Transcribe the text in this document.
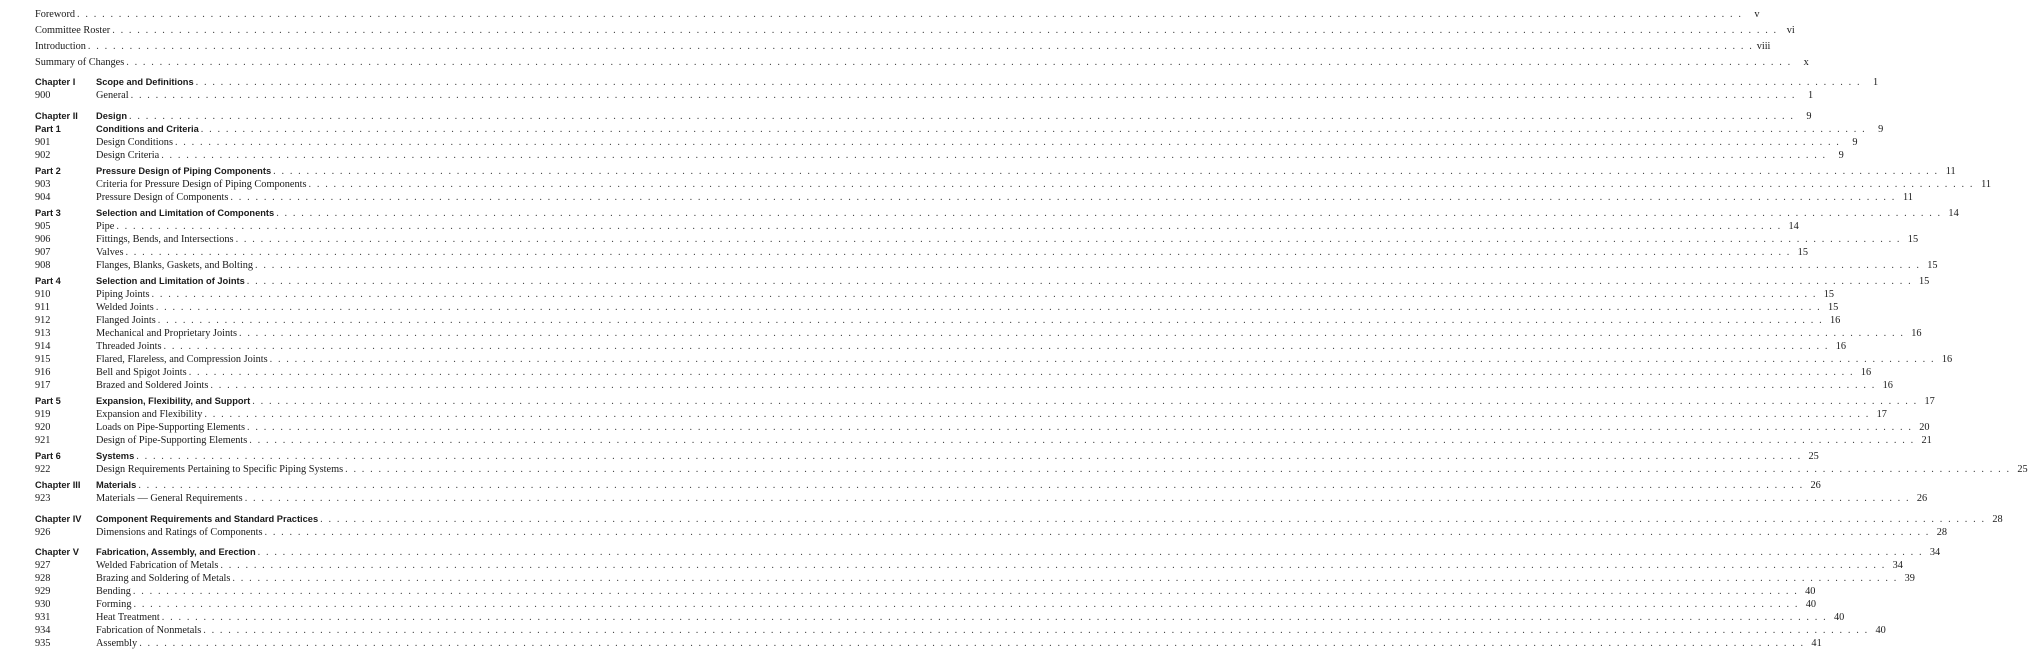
Foreword . . . . . . . . . . . . . . . . . . . . . . . . . . . . . . . . . . . . . . . . . . . . . . . . . . . . . . . . . . . . . . . . . . . . . . . . . . . . . . . . . . . . . . . . . . . . . . . . . . . . . . . . . . . . . . . . . . . . . . . . . . . . . . . . . . . . . . . . . . . . . . . . . . . . . . . . . . . . . . . . . . . . . . . . . . . . . . . . . . . . . . . . . . . . . . . . . . . . . . . .	v
Committee Roster . . . . . . . . . . . . . . . . . . . . . . . . . . . . . . . . . . . . . . . . . . . . . . . . . . . . . . . . . . . . . . . . . . . . . . . . . . . . . . . . . . . . . . . . . . . . . . . . . . . . . . . . . . . . . . . . . . . . . . . . . . . . . . . . . . . . . . . . . . . . . . . . . . . . . . . . . . . . . . . . . . . . . . . . . . . . . . . . . . . . . . . . . . . . . . . . . . . . . . . . vi
Introduction . . . . . . . . . . . . . . . . . . . . . . . . . . . . . . . . . . . . . . . . . . . . . . . . . . . . . . . . . . . . . . . . . . . . . . . . . . . . . . . . . . . . . . . . . . . . . . . . . . . . . . . . . . . . . . . . . . . . . . . . . . . . . . . . . . . . . . . . . . . . . . . . . . . . . . . . . . . . . . . . . . . . . . . . . . . . . . . . . . . . . . . . . . . . . . . . . . . . . . . . viii
Summary of Changes . . . . . . . . . . . . . . . . . . . . . . . . . . . . . . . . . . . . . . . . . . . . . . . . . . . . . . . . . . . . . . . . . . . . . . . . . . . . . . . . . . . . . . . . . . . . . . . . . . . . . . . . . . . . . . . . . . . . . . . . . . . . . . . . . . . . . . . . . . . . . . . . . . . . . . . . . . . . . . . . . . . . . . . . . . . . . . . . . . . . . . . . . . . . . . . . . . . . . . . .	x
Chapter I Scope and Definitions . . . . . . . . . . . . . . . . . . . . . . . . . . . . . . . . . . . . . . . . . . . . . . . . . . . . . . . . . . . . . . . . . . . . . . . . . . . . . . . . . . . . . . . . . . . . . . . . . . . . . . . . . . . . . . . . . . . . . . . . . . . . . . . . . . . . . . . . . . . . . . . . . . . . . . . . . . . . . . . . . . . . . . . . . . . . . . . . . . . . . . . . . . . . . . . . . . . . . . . .	1
900	General . . . . . . . . . . . . . . . . . . . . . . . . . . . . . . . . . . . . . . . . . . . . . . . . . . . . . . . . . . . . . . . . . . . . . . . . . . . . . . . . . . . . . . . . . . . . . . . . . . . . . . . . . . . . . . . . . . . . . . . . . . . . . . . . . . . . . . . . . . . . . . . . . . . . . . . . . . . . . . . . . . . . . . . . . . . . . . . . . . . . . . . . . . . . . . . . . . . . . . . .	1
Chapter II Design . . . . . . . . . . . . . . . . . . . . . . . . . . . . . . . . . . . . . . . . . . . . . . . . . . . . . . . . . . . . . . . . . . . . . . . . . . . . . . . . . . . . . . . . . . . . . . . . . . . . . . . . . . . . . . . . . . . . . . . . . . . . . . . . . . . . . . . . . . . . . . . . . . . . . . . . . . . . . . . . . . . . . . . . . . . . . . . . . . . . . . . . . . . . . . . . . . . . . . . .	9
Part 1	Conditions and Criteria . . . . . . . . . . . . . . . . . . . . . . . . . . . . . . . . . . . . . . . . . . . . . . . . . . . . . . . . . . . . . . . . . . . . . . . . . . . . . . . . . . . . . . . . . . . . . . . . . . . . . . . . . . . . . . . . . . . . . . . . . . . . . . . . . . . . . . . . . . . . . . . . . . . . . . . . . . . . . . . . . . . . . . . . . . . . . . . . . . . . . . . . . . . . . . . . . . . . . . . .	9
901	Design Conditions . . . . . . . . . . . . . . . . . . . . . . . . . . . . . . . . . . . . . . . . . . . . . . . . . . . . . . . . . . . . . . . . . . . . . . . . . . . . . . . . . . . . . . . . . . . . . . . . . . . . . . . . . . . . . . . . . . . . . . . . . . . . . . . . . . . . . . . . . . . . . . . . . . . . . . . . . . . . . . . . . . . . . . . . . . . . . . . . . . . . . . . . . . . . . . . . . . . . . . . .	9
902	Design Criteria . . . . . . . . . . . . . . . . . . . . . . . . . . . . . . . . . . . . . . . . . . . . . . . . . . . . . . . . . . . . . . . . . . . . . . . . . . . . . . . . . . . . . . . . . . . . . . . . . . . . . . . . . . . . . . . . . . . . . . . . . . . . . . . . . . . . . . . . . . . . . . . . . . . . . . . . . . . . . . . . . . . . . . . . . . . . . . . . . . . . . . . . . . . . . . . . . . . . . . . .	9
Part 2	Pressure Design of Piping Components . . . . . . . . . . . . . . . . . . . . . . . . . . . . . . . . . . . . . . . . . . . . . . . . . . . . . . . . . . . . . . . . . . . . . . . . . . . . . . . . . . . . . . . . . . . . . . . . . . . . . . . . . . . . . . . . . . . . . . . . . . . . . . . . . . . . . . . . . . . . . . . . . . . . . . . . . . . . . . . . . . . . . . . . . . . . . . . . . . . . . . . . . . . . . . . . . . . . . . . . 11
903	Criteria for Pressure Design of Piping Components . . . . . . . . . . . . . . . . . . . . . . . . . . . . . . . . . . . . . . . . . . . . . . . . . . . . . . . . . . . . . . . . . . . . . . . . . . . . . . . . . . . . . . . . . . . . . . . . . . . . . . . . . . . . . . . . . . . . . . . . . . . . . . . . . . . . . . . . . . . . . . . . . . . . . . . . . . . . . . . . . . . . . . . . . . . . . . . . . . . . . . . . . . . . . . . . . . . . . . . . 11
904	Pressure Design of Components . . . . . . . . . . . . . . . . . . . . . . . . . . . . . . . . . . . . . . . . . . . . . . . . . . . . . . . . . . . . . . . . . . . . . . . . . . . . . . . . . . . . . . . . . . . . . . . . . . . . . . . . . . . . . . . . . . . . . . . . . . . . . . . . . . . . . . . . . . . . . . . . . . . . . . . . . . . . . . . . . . . . . . . . . . . . . . . . . . . . . . . . . . . . . . . . . . . . . . . . 11
Part 3	Selection and Limitation of Components . . . . . . . . . . . . . . . . . . . . . . . . . . . . . . . . . . . . . . . . . . . . . . . . . . . . . . . . . . . . . . . . . . . . . . . . . . . . . . . . . . . . . . . . . . . . . . . . . . . . . . . . . . . . . . . . . . . . . . . . . . . . . . . . . . . . . . . . . . . . . . . . . . . . . . . . . . . . . . . . . . . . . . . . . . . . . . . . . . . . . . . . . . . . . . . . . . . . . . . . 14
905	Pipe . . . . . . . . . . . . . . . . . . . . . . . . . . . . . . . . . . . . . . . . . . . . . . . . . . . . . . . . . . . . . . . . . . . . . . . . . . . . . . . . . . . . . . . . . . . . . . . . . . . . . . . . . . . . . . . . . . . . . . . . . . . . . . . . . . . . . . . . . . . . . . . . . . . . . . . . . . . . . . . . . . . . . . . . . . . . . . . . . . . . . . . . . . . . . . . . . . . . . . . . 14
906	Fittings, Bends, and Intersections . . . . . . . . . . . . . . . . . . . . . . . . . . . . . . . . . . . . . . . . . . . . . . . . . . . . . . . . . . . . . . . . . . . . . . . . . . . . . . . . . . . . . . . . . . . . . . . . . . . . . . . . . . . . . . . . . . . . . . . . . . . . . . . . . . . . . . . . . . . . . . . . . . . . . . . . . . . . . . . . . . . . . . . . . . . . . . . . . . . . . . . . . . . . . . . . . . . . . . . . 15
907	Valves . . . . . . . . . . . . . . . . . . . . . . . . . . . . . . . . . . . . . . . . . . . . . . . . . . . . . . . . . . . . . . . . . . . . . . . . . . . . . . . . . . . . . . . . . . . . . . . . . . . . . . . . . . . . . . . . . . . . . . . . . . . . . . . . . . . . . . . . . . . . . . . . . . . . . . . . . . . . . . . . . . . . . . . . . . . . . . . . . . . . . . . . . . . . . . . . . . . . . . . . 15
908	Flanges, Blanks, Gaskets, and Bolting . . . . . . . . . . . . . . . . . . . . . . . . . . . . . . . . . . . . . . . . . . . . . . . . . . . . . . . . . . . . . . . . . . . . . . . . . . . . . . . . . . . . . . . . . . . . . . . . . . . . . . . . . . . . . . . . . . . . . . . . . . . . . . . . . . . . . . . . . . . . . . . . . . . . . . . . . . . . . . . . . . . . . . . . . . . . . . . . . . . . . . . . . . . . . . . . . . . . . . . . 15
Part 4	Selection and Limitation of Joints . . . . . . . . . . . . . . . . . . . . . . . . . . . . . . . . . . . . . . . . . . . . . . . . . . . . . . . . . . . . . . . . . . . . . . . . . . . . . . . . . . . . . . . . . . . . . . . . . . . . . . . . . . . . . . . . . . . . . . . . . . . . . . . . . . . . . . . . . . . . . . . . . . . . . . . . . . . . . . . . . . . . . . . . . . . . . . . . . . . . . . . . . . . . . . . . . . . . . . . . 15
910	Piping Joints . . . . . . . . . . . . . . . . . . . . . . . . . . . . . . . . . . . . . . . . . . . . . . . . . . . . . . . . . . . . . . . . . . . . . . . . . . . . . . . . . . . . . . . . . . . . . . . . . . . . . . . . . . . . . . . . . . . . . . . . . . . . . . . . . . . . . . . . . . . . . . . . . . . . . . . . . . . . . . . . . . . . . . . . . . . . . . . . . . . . . . . . . . . . . . . . . . . . . . . . 15
911	Welded Joints . . . . . . . . . . . . . . . . . . . . . . . . . . . . . . . . . . . . . . . . . . . . . . . . . . . . . . . . . . . . . . . . . . . . . . . . . . . . . . . . . . . . . . . . . . . . . . . . . . . . . . . . . . . . . . . . . . . . . . . . . . . . . . . . . . . . . . . . . . . . . . . . . . . . . . . . . . . . . . . . . . . . . . . . . . . . . . . . . . . . . . . . . . . . . . . . . . . . . . . . 15
912	Flanged Joints . . . . . . . . . . . . . . . . . . . . . . . . . . . . . . . . . . . . . . . . . . . . . . . . . . . . . . . . . . . . . . . . . . . . . . . . . . . . . . . . . . . . . . . . . . . . . . . . . . . . . . . . . . . . . . . . . . . . . . . . . . . . . . . . . . . . . . . . . . . . . . . . . . . . . . . . . . . . . . . . . . . . . . . . . . . . . . . . . . . . . . . . . . . . . . . . . . . . . . . . 16
913	Mechanical and Proprietary Joints . . . . . . . . . . . . . . . . . . . . . . . . . . . . . . . . . . . . . . . . . . . . . . . . . . . . . . . . . . . . . . . . . . . . . . . . . . . . . . . . . . . . . . . . . . . . . . . . . . . . . . . . . . . . . . . . . . . . . . . . . . . . . . . . . . . . . . . . . . . . . . . . . . . . . . . . . . . . . . . . . . . . . . . . . . . . . . . . . . . . . . . . . . . . . . . . . . . . . . . . 16
914	Threaded Joints . . . . . . . . . . . . . . . . . . . . . . . . . . . . . . . . . . . . . . . . . . . . . . . . . . . . . . . . . . . . . . . . . . . . . . . . . . . . . . . . . . . . . . . . . . . . . . . . . . . . . . . . . . . . . . . . . . . . . . . . . . . . . . . . . . . . . . . . . . . . . . . . . . . . . . . . . . . . . . . . . . . . . . . . . . . . . . . . . . . . . . . . . . . . . . . . . . . . . . . . 16
915	Flared, Flareless, and Compression Joints . . . . . . . . . . . . . . . . . . . . . . . . . . . . . . . . . . . . . . . . . . . . . . . . . . . . . . . . . . . . . . . . . . . . . . . . . . . . . . . . . . . . . . . . . . . . . . . . . . . . . . . . . . . . . . . . . . . . . . . . . . . . . . . . . . . . . . . . . . . . . . . . . . . . . . . . . . . . . . . . . . . . . . . . . . . . . . . . . . . . . . . . . . . . . . . . . . . . . . . . 16
916	Bell and Spigot Joints . . . . . . . . . . . . . . . . . . . . . . . . . . . . . . . . . . . . . . . . . . . . . . . . . . . . . . . . . . . . . . . . . . . . . . . . . . . . . . . . . . . . . . . . . . . . . . . . . . . . . . . . . . . . . . . . . . . . . . . . . . . . . . . . . . . . . . . . . . . . . . . . . . . . . . . . . . . . . . . . . . . . . . . . . . . . . . . . . . . . . . . . . . . . . . . . . . . . . . . . 16
917	Brazed and Soldered Joints . . . . . . . . . . . . . . . . . . . . . . . . . . . . . . . . . . . . . . . . . . . . . . . . . . . . . . . . . . . . . . . . . . . . . . . . . . . . . . . . . . . . . . . . . . . . . . . . . . . . . . . . . . . . . . . . . . . . . . . . . . . . . . . . . . . . . . . . . . . . . . . . . . . . . . . . . . . . . . . . . . . . . . . . . . . . . . . . . . . . . . . . . . . . . . . . . . . . . . . . 16
Part 5	Expansion, Flexibility, and Support . . . . . . . . . . . . . . . . . . . . . . . . . . . . . . . . . . . . . . . . . . . . . . . . . . . . . . . . . . . . . . . . . . . . . . . . . . . . . . . . . . . . . . . . . . . . . . . . . . . . . . . . . . . . . . . . . . . . . . . . . . . . . . . . . . . . . . . . . . . . . . . . . . . . . . . . . . . . . . . . . . . . . . . . . . . . . . . . . . . . . . . . . . . . . . . . . . . . . . . . 17
919	Expansion and Flexibility . . . . . . . . . . . . . . . . . . . . . . . . . . . . . . . . . . . . . . . . . . . . . . . . . . . . . . . . . . . . . . . . . . . . . . . . . . . . . . . . . . . . . . . . . . . . . . . . . . . . . . . . . . . . . . . . . . . . . . . . . . . . . . . . . . . . . . . . . . . . . . . . . . . . . . . . . . . . . . . . . . . . . . . . . . . . . . . . . . . . . . . . . . . . . . . . . . . . . . . . 17
920	Loads on Pipe-Supporting Elements . . . . . . . . . . . . . . . . . . . . . . . . . . . . . . . . . . . . . . . . . . . . . . . . . . . . . . . . . . . . . . . . . . . . . . . . . . . . . . . . . . . . . . . . . . . . . . . . . . . . . . . . . . . . . . . . . . . . . . . . . . . . . . . . . . . . . . . . . . . . . . . . . . . . . . . . . . . . . . . . . . . . . . . . . . . . . . . . . . . . . . . . . . . . . . . . . . . . . . . . 20
921	Design of Pipe-Supporting Elements . . . . . . . . . . . . . . . . . . . . . . . . . . . . . . . . . . . . . . . . . . . . . . . . . . . . . . . . . . . . . . . . . . . . . . . . . . . . . . . . . . . . . . . . . . . . . . . . . . . . . . . . . . . . . . . . . . . . . . . . . . . . . . . . . . . . . . . . . . . . . . . . . . . . . . . . . . . . . . . . . . . . . . . . . . . . . . . . . . . . . . . . . . . . . . . . . . . . . . . . 21
Part 6	Systems . . . . . . . . . . . . . . . . . . . . . . . . . . . . . . . . . . . . . . . . . . . . . . . . . . . . . . . . . . . . . . . . . . . . . . . . . . . . . . . . . . . . . . . . . . . . . . . . . . . . . . . . . . . . . . . . . . . . . . . . . . . . . . . . . . . . . . . . . . . . . . . . . . . . . . . . . . . . . . . . . . . . . . . . . . . . . . . . . . . . . . . . . . . . . . . . . . . . . . . . 25
922	Design Requirements Pertaining to Specific Piping Systems . . . . . . . . . . . . . . . . . . . . . . . . . . . . . . . . . . . . . . . . . . . . . . . . . . . . . . . . . . . . . . . . . . . . . . . . . . . . . . . . . . . . . . . . . . . . . . . . . . . . . . . . . . . . . . . . . . . . . . . . . . . . . . . . . . . . . . . . . . . . . . . . . . . . . . . . . . . . . . . . . . . . . . . . . . . . . . . . . . . . . . . . . . . . . . . . . . . . . . . . 25
Chapter III Materials . . . . . . . . . . . . . . . . . . . . . . . . . . . . . . . . . . . . . . . . . . . . . . . . . . . . . . . . . . . . . . . . . . . . . . . . . . . . . . . . . . . . . . . . . . . . . . . . . . . . . . . . . . . . . . . . . . . . . . . . . . . . . . . . . . . . . . . . . . . . . . . . . . . . . . . . . . . . . . . . . . . . . . . . . . . . . . . . . . . . . . . . . . . . . . . . . . . . . . . . 26
923	Materials — General Requirements . . . . . . . . . . . . . . . . . . . . . . . . . . . . . . . . . . . . . . . . . . . . . . . . . . . . . . . . . . . . . . . . . . . . . . . . . . . . . . . . . . . . . . . . . . . . . . . . . . . . . . . . . . . . . . . . . . . . . . . . . . . . . . . . . . . . . . . . . . . . . . . . . . . . . . . . . . . . . . . . . . . . . . . . . . . . . . . . . . . . . . . . . . . . . . . . . . . . . . . . 26
Chapter IV Component Requirements and Standard Practices . . . . . . . . . . . . . . . . . . . . . . . . . . . . . . . . . . . . . . . . . . . . . . . . . . . . . . . . . . . . . . . . . . . . . . . . . . . . . . . . . . . . . . . . . . . . . . . . . . . . . . . . . . . . . . . . . . . . . . . . . . . . . . . . . . . . . . . . . . . . . . . . . . . . . . . . . . . . . . . . . . . . . . . . . . . . . . . . . . . . . . . . . . . . . . . . . . . . . . . . 28
926	Dimensions and Ratings of Components . . . . . . . . . . . . . . . . . . . . . . . . . . . . . . . . . . . . . . . . . . . . . . . . . . . . . . . . . . . . . . . . . . . . . . . . . . . . . . . . . . . . . . . . . . . . . . . . . . . . . . . . . . . . . . . . . . . . . . . . . . . . . . . . . . . . . . . . . . . . . . . . . . . . . . . . . . . . . . . . . . . . . . . . . . . . . . . . . . . . . . . . . . . . . . . . . . . . . . . . 28
Chapter V Fabrication, Assembly, and Erection . . . . . . . . . . . . . . . . . . . . . . . . . . . . . . . . . . . . . . . . . . . . . . . . . . . . . . . . . . . . . . . . . . . . . . . . . . . . . . . . . . . . . . . . . . . . . . . . . . . . . . . . . . . . . . . . . . . . . . . . . . . . . . . . . . . . . . . . . . . . . . . . . . . . . . . . . . . . . . . . . . . . . . . . . . . . . . . . . . . . . . . . . . . . . . . . . . . . . . . . 34
927	Welded Fabrication of Metals . . . . . . . . . . . . . . . . . . . . . . . . . . . . . . . . . . . . . . . . . . . . . . . . . . . . . . . . . . . . . . . . . . . . . . . . . . . . . . . . . . . . . . . . . . . . . . . . . . . . . . . . . . . . . . . . . . . . . . . . . . . . . . . . . . . . . . . . . . . . . . . . . . . . . . . . . . . . . . . . . . . . . . . . . . . . . . . . . . . . . . . . . . . . . . . . . . . . . . . . 34
928	Brazing and Soldering of Metals . . . . . . . . . . . . . . . . . . . . . . . . . . . . . . . . . . . . . . . . . . . . . . . . . . . . . . . . . . . . . . . . . . . . . . . . . . . . . . . . . . . . . . . . . . . . . . . . . . . . . . . . . . . . . . . . . . . . . . . . . . . . . . . . . . . . . . . . . . . . . . . . . . . . . . . . . . . . . . . . . . . . . . . . . . . . . . . . . . . . . . . . . . . . . . . . . . . . . . . . 39
929	Bending . . . . . . . . . . . . . . . . . . . . . . . . . . . . . . . . . . . . . . . . . . . . . . . . . . . . . . . . . . . . . . . . . . . . . . . . . . . . . . . . . . . . . . . . . . . . . . . . . . . . . . . . . . . . . . . . . . . . . . . . . . . . . . . . . . . . . . . . . . . . . . . . . . . . . . . . . . . . . . . . . . . . . . . . . . . . . . . . . . . . . . . . . . . . . . . . . . . . . . . . 40
930	Forming . . . . . . . . . . . . . . . . . . . . . . . . . . . . . . . . . . . . . . . . . . . . . . . . . . . . . . . . . . . . . . . . . . . . . . . . . . . . . . . . . . . . . . . . . . . . . . . . . . . . . . . . . . . . . . . . . . . . . . . . . . . . . . . . . . . . . . . . . . . . . . . . . . . . . . . . . . . . . . . . . . . . . . . . . . . . . . . . . . . . . . . . . . . . . . . . . . . . . . . . 40
931	Heat Treatment . . . . . . . . . . . . . . . . . . . . . . . . . . . . . . . . . . . . . . . . . . . . . . . . . . . . . . . . . . . . . . . . . . . . . . . . . . . . . . . . . . . . . . . . . . . . . . . . . . . . . . . . . . . . . . . . . . . . . . . . . . . . . . . . . . . . . . . . . . . . . . . . . . . . . . . . . . . . . . . . . . . . . . . . . . . . . . . . . . . . . . . . . . . . . . . . . . . . . . . . 40
934	Fabrication of Nonmetals . . . . . . . . . . . . . . . . . . . . . . . . . . . . . . . . . . . . . . . . . . . . . . . . . . . . . . . . . . . . . . . . . . . . . . . . . . . . . . . . . . . . . . . . . . . . . . . . . . . . . . . . . . . . . . . . . . . . . . . . . . . . . . . . . . . . . . . . . . . . . . . . . . . . . . . . . . . . . . . . . . . . . . . . . . . . . . . . . . . . . . . . . . . . . . . . . . . . . . . . 40
935	Assembly . . . . . . . . . . . . . . . . . . . . . . . . . . . . . . . . . . . . . . . . . . . . . . . . . . . . . . . . . . . . . . . . . . . . . . . . . . . . . . . . . . . . . . . . . . . . . . . . . . . . . . . . . . . . . . . . . . . . . . . . . . . . . . . . . . . . . . . . . . . . . . . . . . . . . . . . . . . . . . . . . . . . . . . . . . . . . . . . . . . . . . . . . . . . . . . . . . . . . . . . 41
